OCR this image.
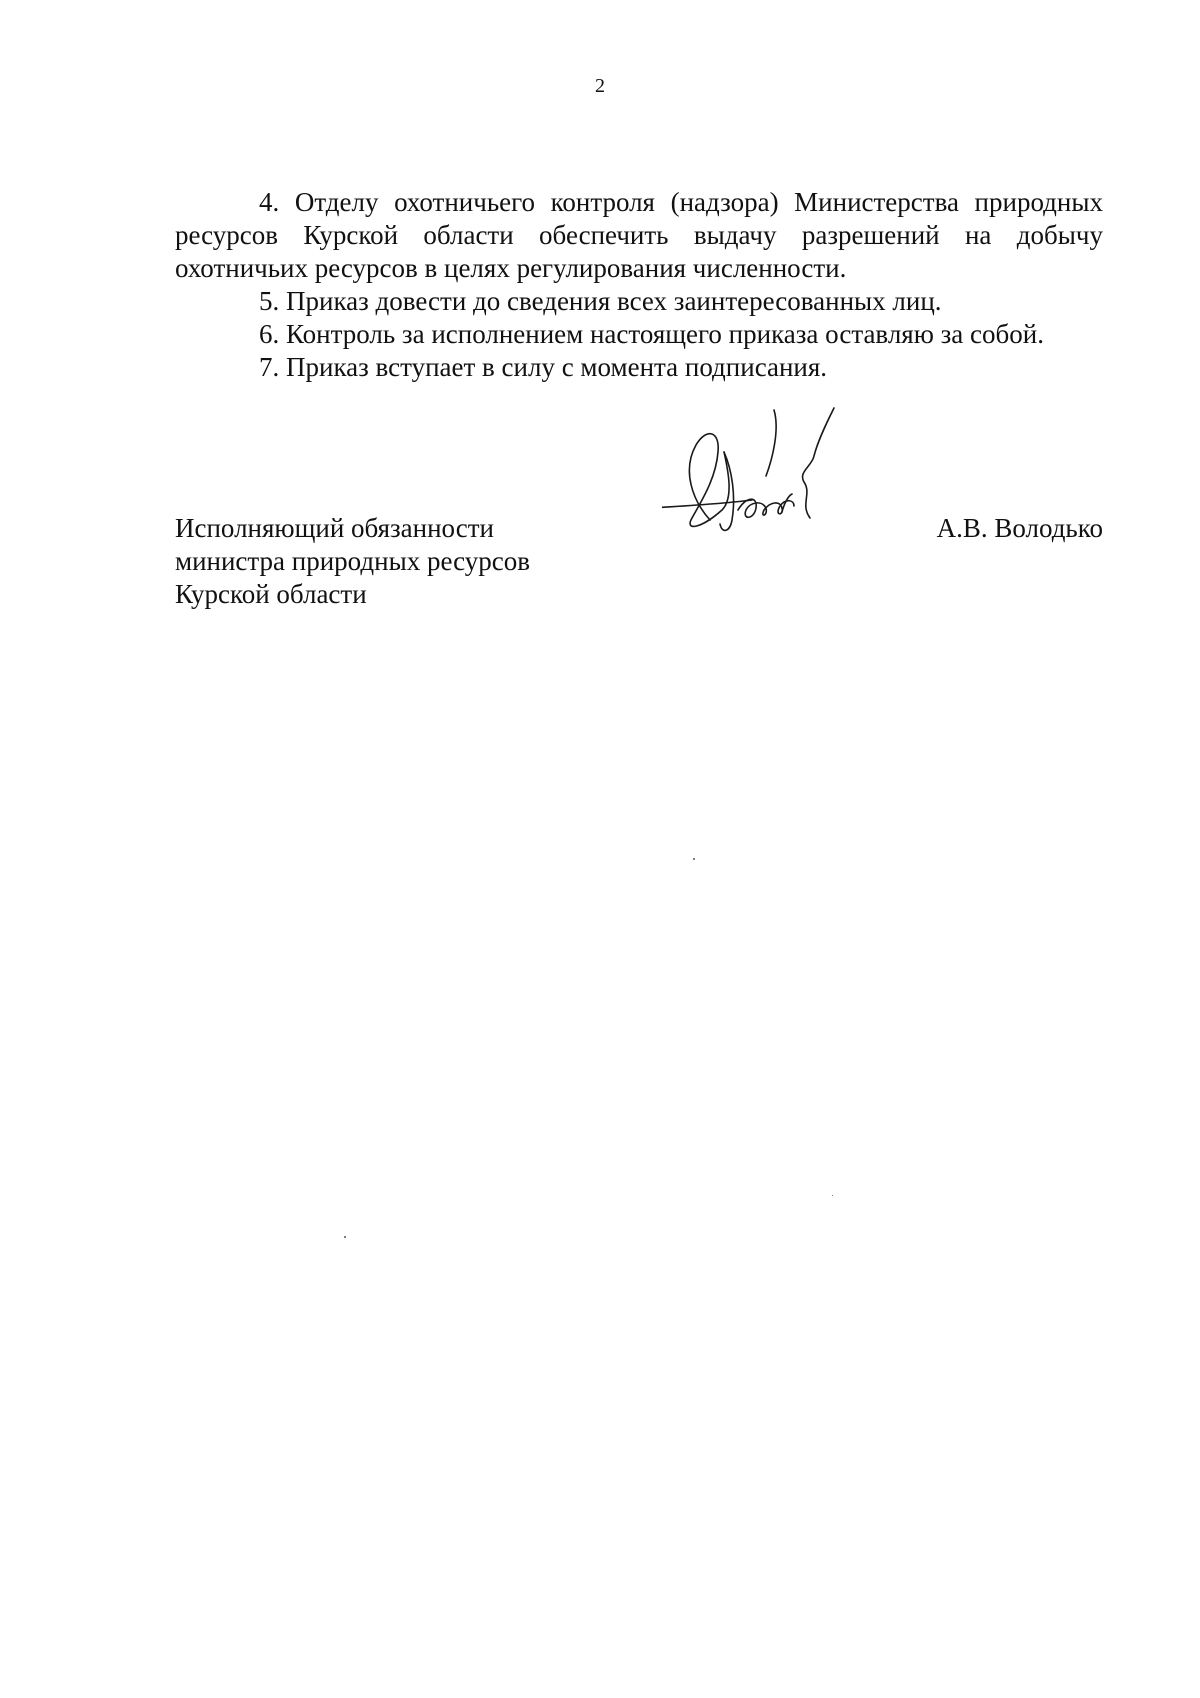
2

4. Отделу охотничьего контроля (надзора) Министерства природных ресурсов Курской области обеспечить выдачу разрешений на добычу охотничьих ресурсов в целях регулирования численности.

5. Приказ довести до сведения всех заинтересованных лиц.

6. Контроль за исполнением настоящего приказа оставляю за собой.

7. Приказ вступает в силу с момента подписания.

Исполняющий обязанности

министра природных ресурсов

Курской области

А.В. Володько
